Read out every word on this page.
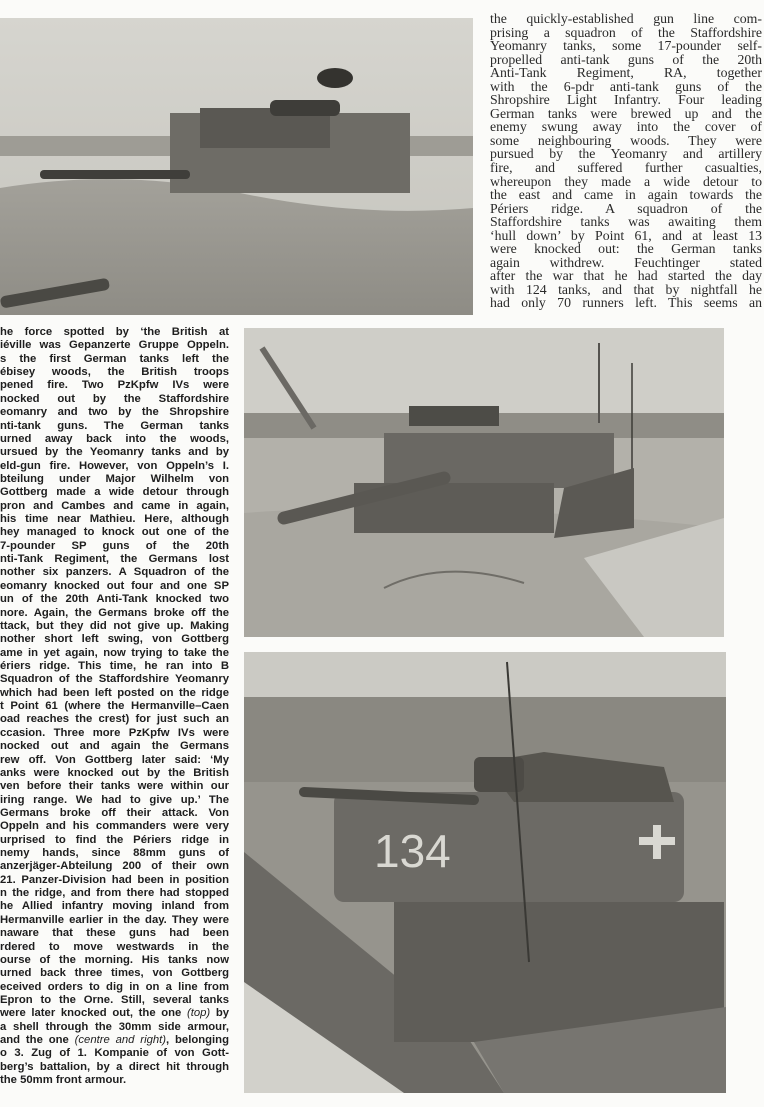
the quickly-established gun line com-
prising a squadron of the Staffordshire
Yeomanry tanks, some 17-pounder self-
propelled anti-tank guns of the 20th
Anti-Tank Regiment, RA, together
with the 6-pdr anti-tank guns of the
Shropshire Light Infantry. Four leading
German tanks were brewed up and the
enemy swung away into the cover of
some neighbouring woods. They were
pursued by the Yeomanry and artillery
fire, and suffered further casualties,
whereupon they made a wide detour to
the east and came in again towards the
Périers ridge. A squadron of the
Staffordshire tanks was awaiting them
‘hull down’ by Point 61, and at least 13
were knocked out: the German tanks
again withdrew. Feuchtinger stated
after the war that he had started the day
with 124 tanks, and that by nightfall he
had only 70 runners left. This seems an
he force spotted by ‘the British at
iéville was Gepanzerte Gruppe Oppeln.
s the first German tanks left the
ébisey woods, the British troops
pened fire. Two PzKpfw IVs were
nocked out by the Staffordshire
eomanry and two by the Shropshire
nti-tank guns. The German tanks
urned away back into the woods,
ursued by the Yeomanry tanks and by
eld-gun fire. However, von Oppeln’s I.
bteilung under Major Wilhelm von
Gottberg made a wide detour through
pron and Cambes and came in again,
his time near Mathieu. Here, although
hey managed to knock out one of the
7-pounder SP guns of the 20th
nti-Tank Regiment, the Germans lost
nother six panzers. A Squadron of the
eomanry knocked out four and one SP
un of the 20th Anti-Tank knocked two
nore. Again, the Germans broke off the
ttack, but they did not give up. Making
nother short left swing, von Gottberg
ame in yet again, now trying to take the
ériers ridge. This time, he ran into B
Squadron of the Staffordshire Yeomanry
which had been left posted on the ridge
t Point 61 (where the Hermanville–Caen
oad reaches the crest) for just such an
ccasion. Three more PzKpfw IVs were
nocked out and again the Germans
rew off. Von Gottberg later said: ‘My
anks were knocked out by the British
ven before their tanks were within our
iring range. We had to give up.’ The
Germans broke off their attack. Von
Oppeln and his commanders were very
urprised to find the Périers ridge in
nemy hands, since 88mm guns of
anzerjäger-Abteilung 200 of their own
21. Panzer-Division had been in position
n the ridge, and from there had stopped
he Allied infantry moving inland from
Hermanville earlier in the day. They were
naware that these guns had been
rdered to move westwards in the
ourse of the morning. His tanks now
urned back three times, von Gottberg
eceived orders to dig in on a line from
Epron to the Orne. Still, several tanks
were later knocked out, the one (top) by
a shell through the 30mm side armour,
and the one (centre and right), belonging
o 3. Zug of 1. Kompanie of von Gott-
berg’s battalion, by a direct hit through
the 50mm front armour.
134
